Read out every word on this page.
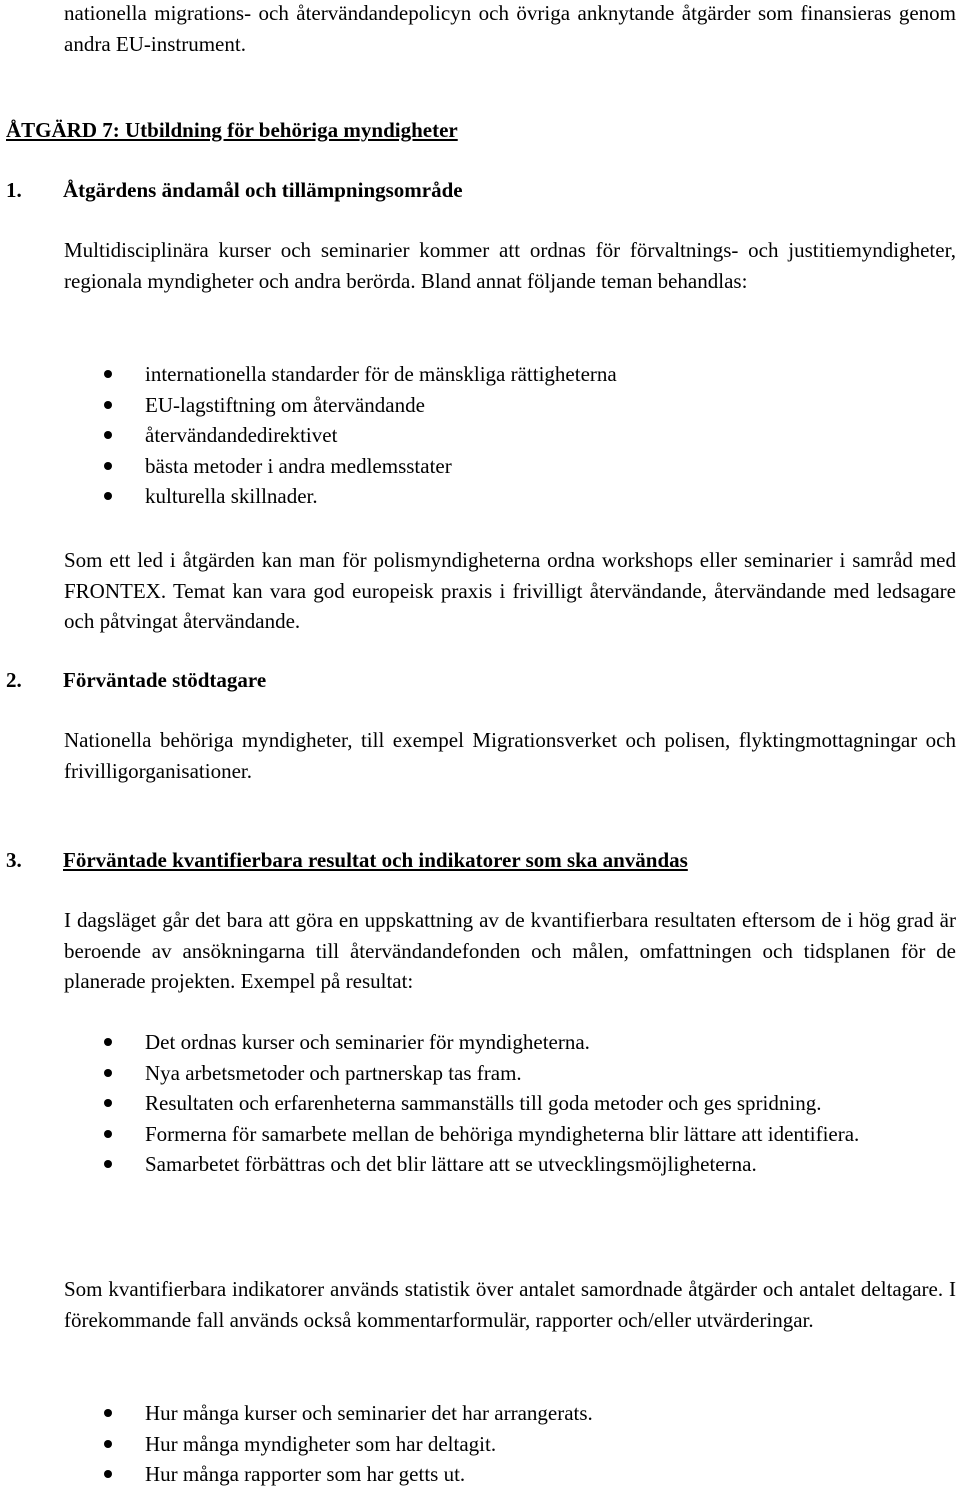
nationella migrations- och återvändandepolicyn och övriga anknytande åtgärder som finansieras genom andra EU-instrument.

ÅTGÄRD 7: Utbildning för behöriga myndigheter

1. Åtgärdens ändamål och tillämpningsområde

Multidisciplinära kurser och seminarier kommer att ordnas för förvaltnings- och justitiemyndigheter, regionala myndigheter och andra berörda. Bland annat följande teman behandlas:

internationella standarder för de mänskliga rättigheterna
EU-lagstiftning om återvändande
återvändandedirektivet
bästa metoder i andra medlemsstater
kulturella skillnader.

Som ett led i åtgärden kan man för polismyndigheterna ordna workshops eller seminarier i samråd med FRONTEX. Temat kan vara god europeisk praxis i frivilligt återvändande, återvändande med ledsagare och påtvingat återvändande.

2. Förväntade stödtagare

Nationella behöriga myndigheter, till exempel Migrationsverket och polisen, flyktingmottagningar och frivilligorganisationer.

3. Förväntade kvantifierbara resultat och indikatorer som ska användas

I dagsläget går det bara att göra en uppskattning av de kvantifierbara resultaten eftersom de i hög grad är beroende av ansökningarna till återvändandefonden och målen, omfattningen och tidsplanen för de planerade projekten. Exempel på resultat:

Det ordnas kurser och seminarier för myndigheterna.
Nya arbetsmetoder och partnerskap tas fram.
Resultaten och erfarenheterna sammanställs till goda metoder och ges spridning.
Formerna för samarbete mellan de behöriga myndigheterna blir lättare att identifiera.
Samarbetet förbättras och det blir lättare att se utvecklingsmöjligheterna.

Som kvantifierbara indikatorer används statistik över antalet samordnade åtgärder och antalet deltagare. I förekommande fall används också kommentarformulär, rapporter och/eller utvärderingar.

Hur många kurser och seminarier det har arrangerats.
Hur många myndigheter som har deltagit.
Hur många rapporter som har getts ut.
